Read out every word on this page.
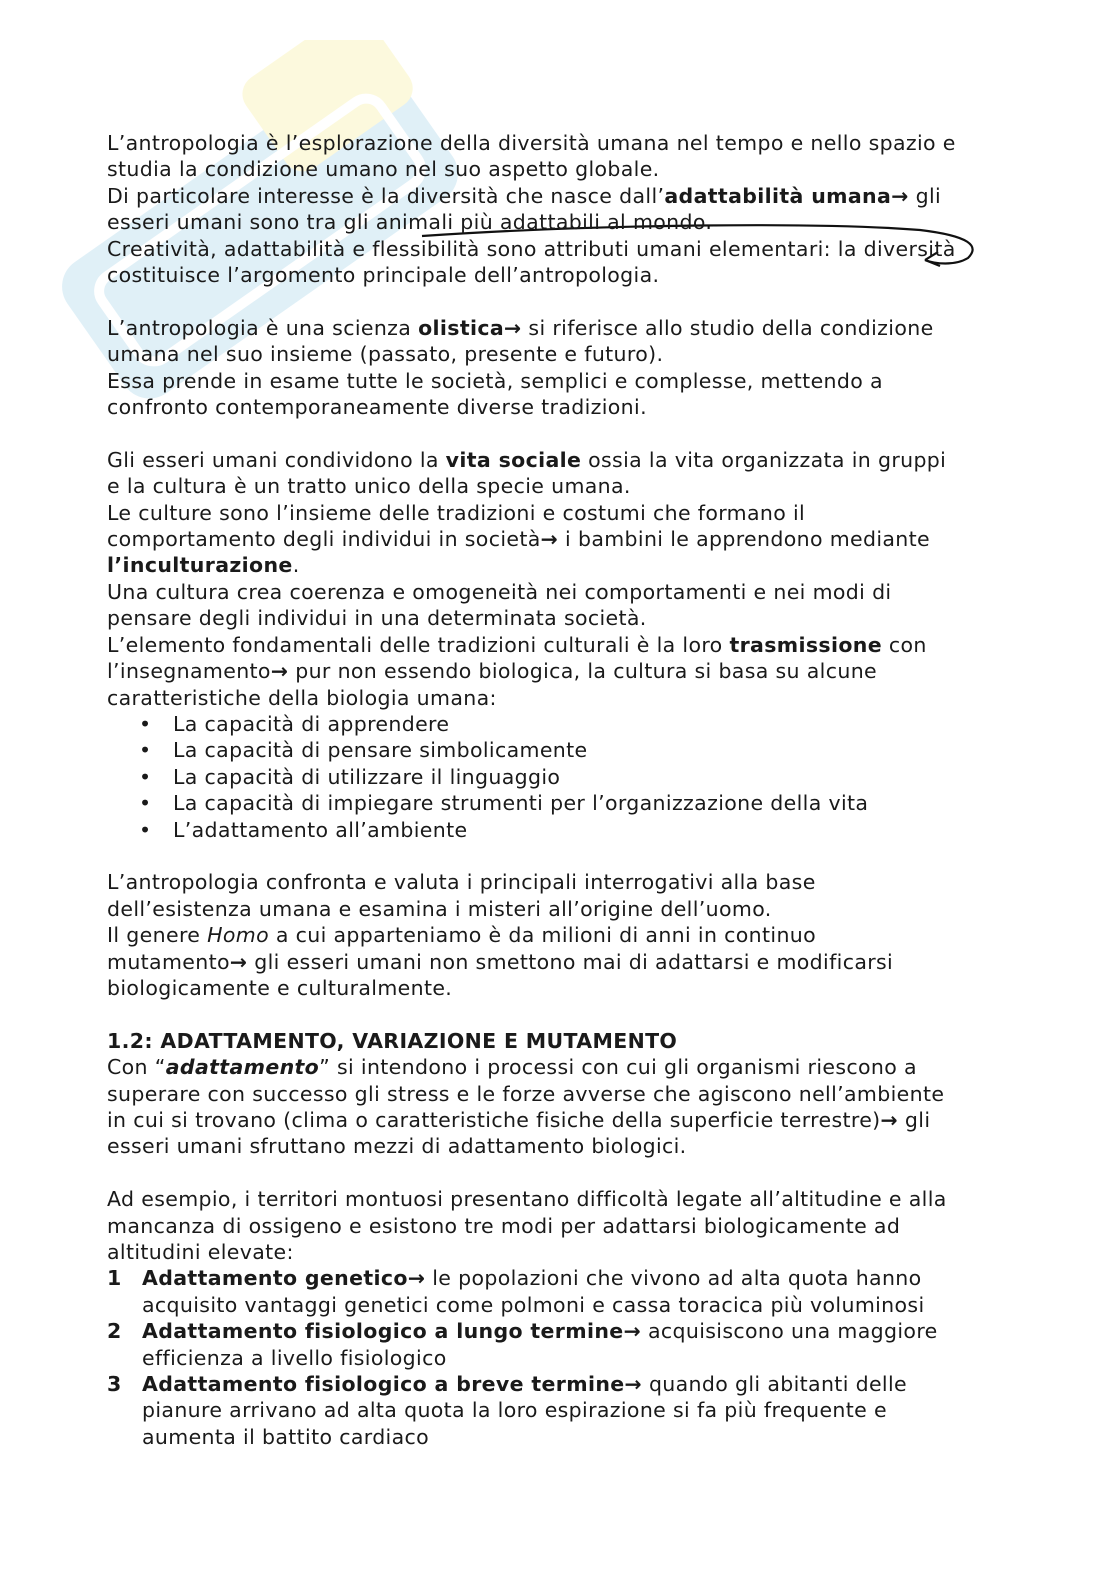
L’antropologia è l’esplorazione della diversità umana nel tempo e nello spazio e

studia la condizione umano nel suo aspetto globale.

Di particolare interesse è la diversità che nasce dall’adattabilità umana→ gli

esseri umani sono tra gli animali più adattabili al mondo.

Creatività, adattabilità e flessibilità sono attributi umani elementari: la diversità

costituisce l’argomento principale dell’antropologia.

L’antropologia è una scienza olistica→ si riferisce allo studio della condizione

umana nel suo insieme (passato, presente e futuro).

Essa prende in esame tutte le società, semplici e complesse, mettendo a

confronto contemporaneamente diverse tradizioni.

Gli esseri umani condividono la vita sociale ossia la vita organizzata in gruppi

e la cultura è un tratto unico della specie umana.

Le culture sono l’insieme delle tradizioni e costumi che formano il

comportamento degli individui in società→ i bambini le apprendono mediante

l’inculturazione.

Una cultura crea coerenza e omogeneità nei comportamenti e nei modi di

pensare degli individui in una determinata società.

L’elemento fondamentali delle tradizioni culturali è la loro trasmissione con

l’insegnamento→ pur non essendo biologica, la cultura si basa su alcune

caratteristiche della biologia umana:

• La capacità di apprendere
• La capacità di pensare simbolicamente
• La capacità di utilizzare il linguaggio
• La capacità di impiegare strumenti per l’organizzazione della vita
• L’adattamento all’ambiente

L’antropologia confronta e valuta i principali interrogativi alla base

dell’esistenza umana e esamina i misteri all’origine dell’uomo.

Il genere Homo a cui apparteniamo è da milioni di anni in continuo

mutamento→ gli esseri umani non smettono mai di adattarsi e modificarsi

biologicamente e culturalmente.

1.2: ADATTAMENTO, VARIAZIONE E MUTAMENTO

Con “adattamento” si intendono i processi con cui gli organismi riescono a

superare con successo gli stress e le forze avverse che agiscono nell’ambiente

in cui si trovano (clima o caratteristiche fisiche della superficie terrestre)→ gli

esseri umani sfruttano mezzi di adattamento biologici.

Ad esempio, i territori montuosi presentano difficoltà legate all’altitudine e alla

mancanza di ossigeno e esistono tre modi per adattarsi biologicamente ad

altitudini elevate:

1 Adattamento genetico→ le popolazioni che vivono ad alta quota hanno
acquisito vantaggi genetici come polmoni e cassa toracica più voluminosi
2 Adattamento fisiologico a lungo termine→ acquisiscono una maggiore
efficienza a livello fisiologico
3 Adattamento fisiologico a breve termine→ quando gli abitanti delle
pianure arrivano ad alta quota la loro espirazione si fa più frequente e
aumenta il battito cardiaco
